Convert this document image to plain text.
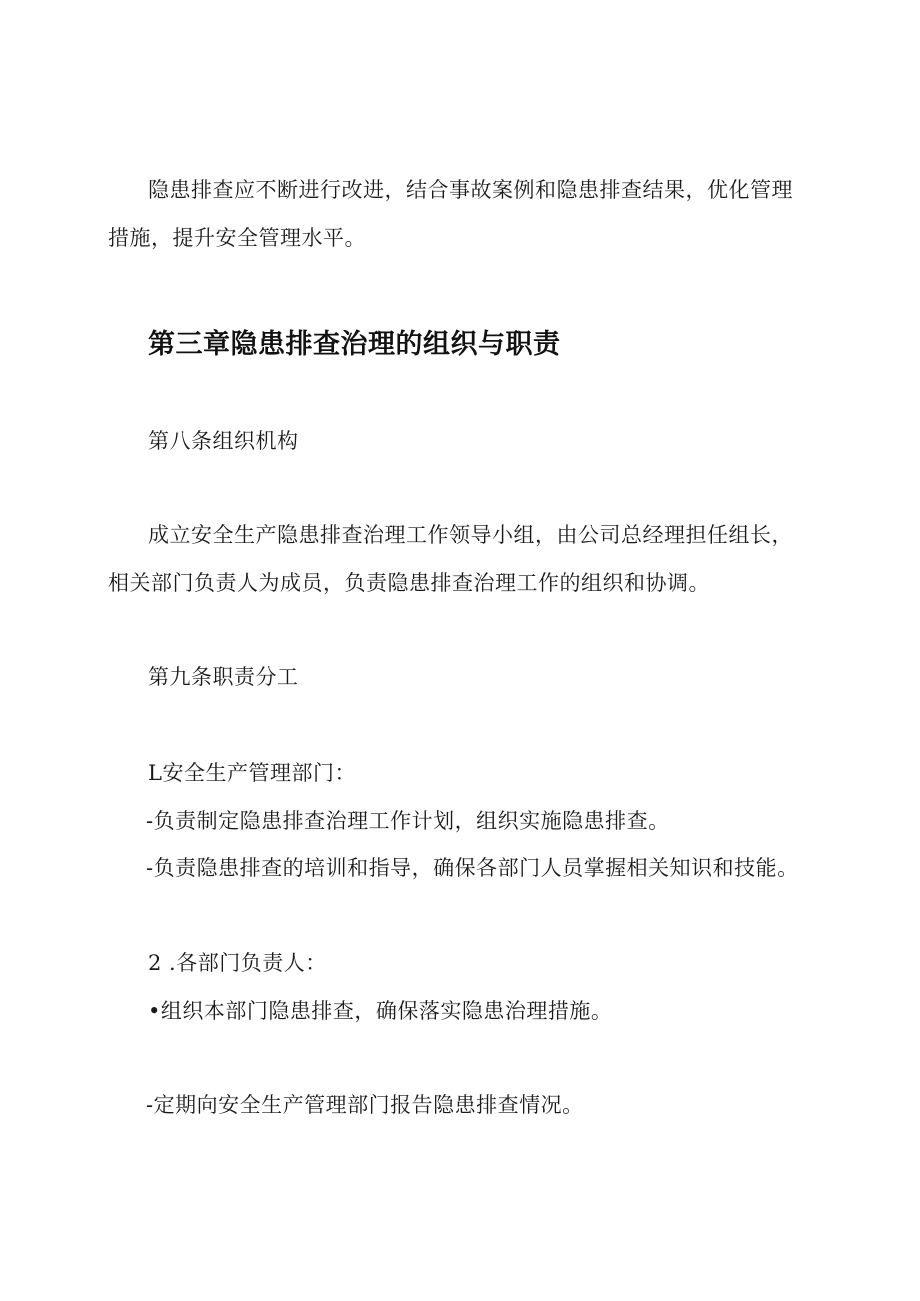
隐患排查应不断进行改进，结合事故案例和隐患排查结果，优化管理

措施，提升安全管理水平。

第三章隐患排查治理的组织与职责

第八条组织机构

成立安全生产隐患排查治理工作领导小组，由公司总经理担任组长，

相关部门负责人为成员，负责隐患排查治理工作的组织和协调。

第九条职责分工

L安全生产管理部门：

-负责制定隐患排查治理工作计划，组织实施隐患排查。

-负责隐患排查的培训和指导，确保各部门人员掌握相关知识和技能。

2 .各部门负责人：

•组织本部门隐患排查，确保落实隐患治理措施。

-定期向安全生产管理部门报告隐患排查情况。
